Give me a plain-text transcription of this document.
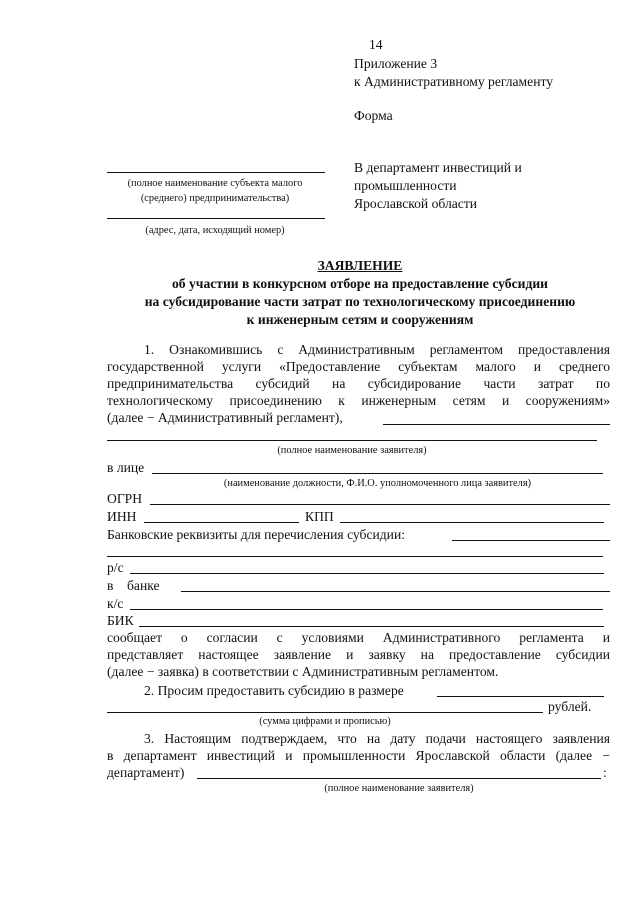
14
Приложение 3
к Административному регламенту
Форма
В департамент инвестиций и
промышленности
Ярославской области
(полное наименование субъекта малого
(среднего) предпринимательства)
(адрес, дата, исходящий номер)
ЗАЯВЛЕНИЕ
об участии в конкурсном отборе на предоставление субсидии
на субсидирование части затрат по технологическому присоединению
к инженерным сетям и сооружениям
1. Ознакомившись с Административным регламентом предоставления
государственной услуги «Предоставление субъектам малого и среднего
предпринимательства субсидий на субсидирование части затрат по
технологическому присоединению к инженерным сетям и сооружениям»
(далее − Административный регламент),
(полное наименование заявителя)
в лице
(наименование должности, Ф.И.О. уполномоченного лица заявителя)
ОГРН
ИНН	КПП
Банковские реквизиты для перечисления субсидии:
р/с
в банке
к/с
БИК
сообщает о согласии с условиями Административного регламента и
представляет настоящее заявление и заявку на предоставление субсидии
(далее − заявка) в соответствии с Административным регламентом.
2. Просим предоставить субсидию в размере
рублей.
(сумма цифрами и прописью)
3. Настоящим подтверждаем, что на дату подачи настоящего заявления
в департамент инвестиций и промышленности Ярославской области (далее −
департамент)	:
(полное наименование заявителя)
